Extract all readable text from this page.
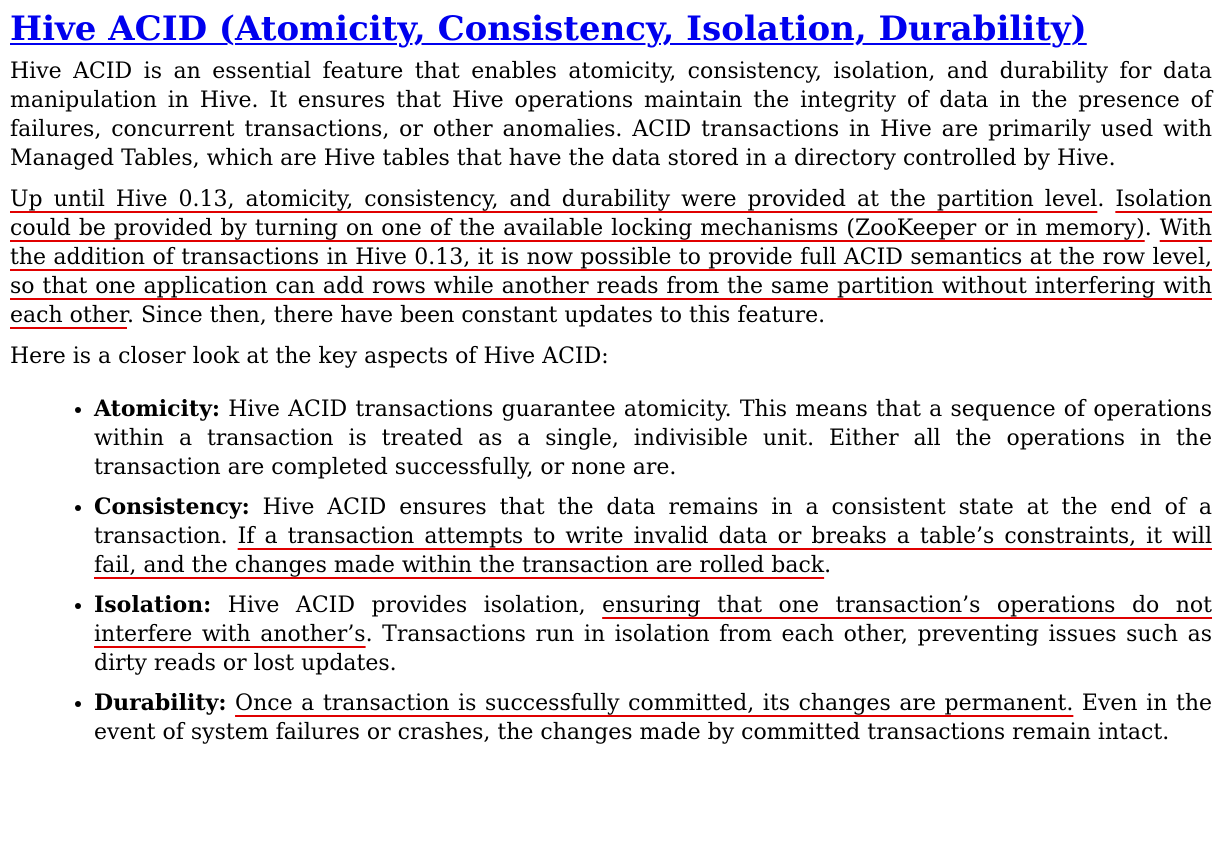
Hive ACID (Atomicity, Consistency, Isolation, Durability)

Hive ACID is an essential feature that enables atomicity, consistency, isolation, and durability for data manipulation in Hive. It ensures that Hive operations maintain the integrity of data in the presence of failures, concurrent transactions, or other anomalies. ACID transactions in Hive are primarily used with Managed Tables, which are Hive tables that have the data stored in a directory controlled by Hive.

Up until Hive 0.13, atomicity, consistency, and durability were provided at the partition level. Isolation could be provided by turning on one of the available locking mechanisms (ZooKeeper or in memory). With the addition of transactions in Hive 0.13, it is now possible to provide full ACID semantics at the row level, so that one application can add rows while another reads from the same partition without interfering with each other. Since then, there have been constant updates to this feature.

Here is a closer look at the key aspects of Hive ACID:

• Atomicity: Hive ACID transactions guarantee atomicity. This means that a sequence of operations within a transaction is treated as a single, indivisible unit. Either all the operations in the transaction are completed successfully, or none are.
• Consistency: Hive ACID ensures that the data remains in a consistent state at the end of a transaction. If a transaction attempts to write invalid data or breaks a table’s constraints, it will fail, and the changes made within the transaction are rolled back.
• Isolation: Hive ACID provides isolation, ensuring that one transaction’s operations do not interfere with another’s. Transactions run in isolation from each other, preventing issues such as dirty reads or lost updates.
• Durability: Once a transaction is successfully committed, its changes are permanent. Even in the event of system failures or crashes, the changes made by committed transactions remain intact.
